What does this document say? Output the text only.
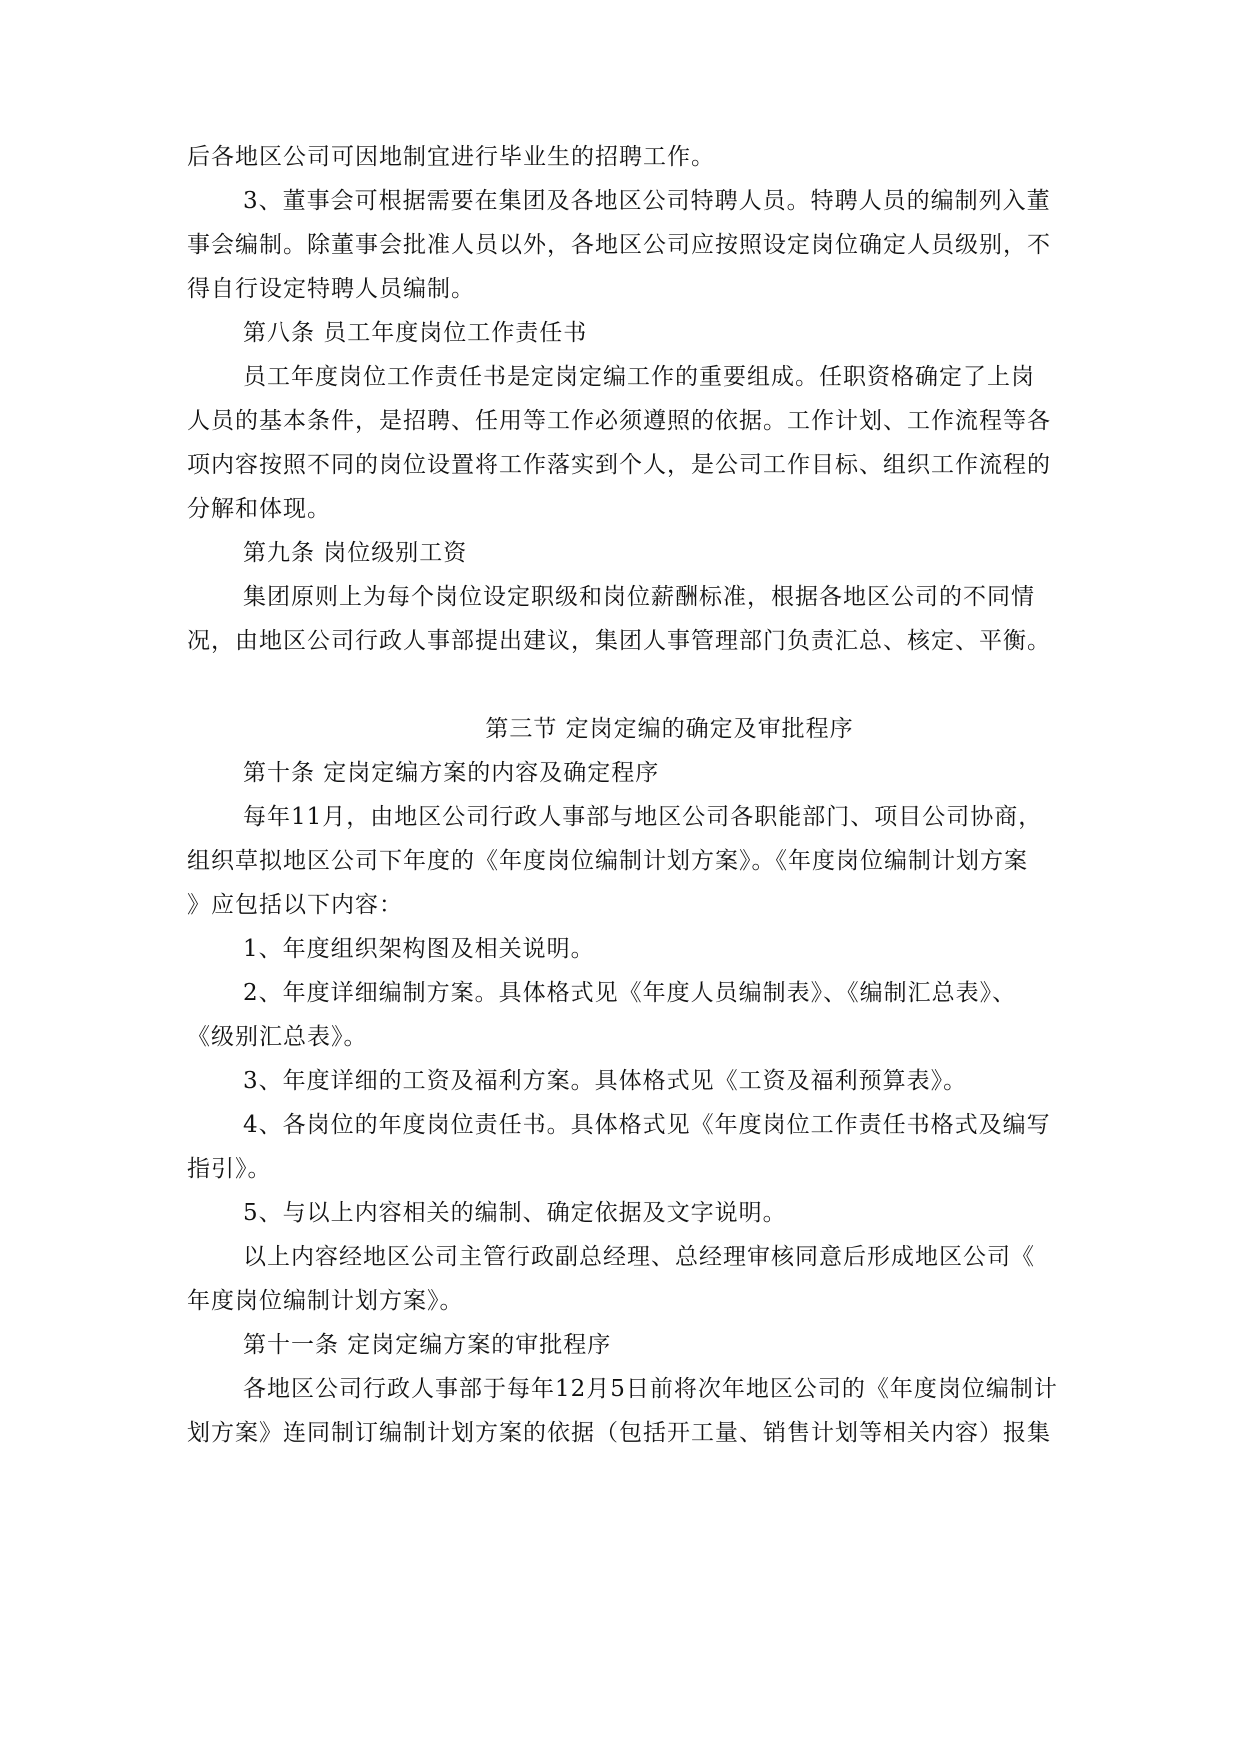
后各地区公司可因地制宜进行毕业生的招聘工作。
3、董事会可根据需要在集团及各地区公司特聘人员。特聘人员的编制列入董
事会编制。除董事会批准人员以外，各地区公司应按照设定岗位确定人员级别，不
得自行设定特聘人员编制。
第八条 员工年度岗位工作责任书
员工年度岗位工作责任书是定岗定编工作的重要组成。任职资格确定了上岗
人员的基本条件，是招聘、任用等工作必须遵照的依据。工作计划、工作流程等各
项内容按照不同的岗位设置将工作落实到个人，是公司工作目标、组织工作流程的
分解和体现。
第九条 岗位级别工资
集团原则上为每个岗位设定职级和岗位薪酬标准，根据各地区公司的不同情
况，由地区公司行政人事部提出建议，集团人事管理部门负责汇总、核定、平衡。
第三节 定岗定编的确定及审批程序
第十条 定岗定编方案的内容及确定程序
每年11月，由地区公司行政人事部与地区公司各职能部门、项目公司协商，
组织草拟地区公司下年度的《年度岗位编制计划方案》。《年度岗位编制计划方案
》应包括以下内容：
1、年度组织架构图及相关说明。
2、年度详细编制方案。具体格式见《年度人员编制表》、《编制汇总表》、
《级别汇总表》。
3、年度详细的工资及福利方案。具体格式见《工资及福利预算表》。
4、各岗位的年度岗位责任书。具体格式见《年度岗位工作责任书格式及编写
指引》。
5、与以上内容相关的编制、确定依据及文字说明。
以上内容经地区公司主管行政副总经理、总经理审核同意后形成地区公司《
年度岗位编制计划方案》。
第十一条 定岗定编方案的审批程序
各地区公司行政人事部于每年12月5日前将次年地区公司的《年度岗位编制计
划方案》连同制订编制计划方案的依据（包括开工量、销售计划等相关内容）报集
